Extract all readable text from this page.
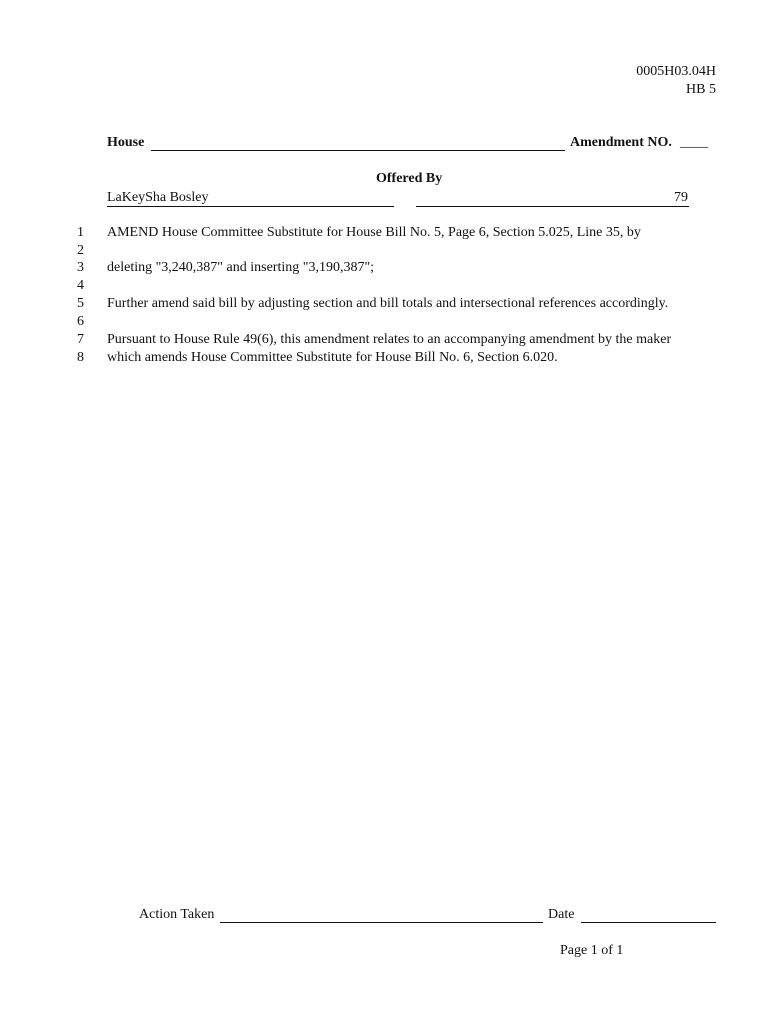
0005H03.04H
HB 5
House	Amendment NO. ____
Offered By
LaKeySha Bosley	79
1
2
3
4
5
6
7
8
AMEND House Committee Substitute for House Bill No. 5, Page 6, Section 5.025, Line 35, by
deleting "3,240,387" and inserting "3,190,387";
Further amend said bill by adjusting section and bill totals and intersectional references accordingly.
Pursuant to House Rule 49(6), this amendment relates to an accompanying amendment by the maker
which amends House Committee Substitute for House Bill No. 6, Section 6.020.
Action Taken	Date
Page 1 of 1
